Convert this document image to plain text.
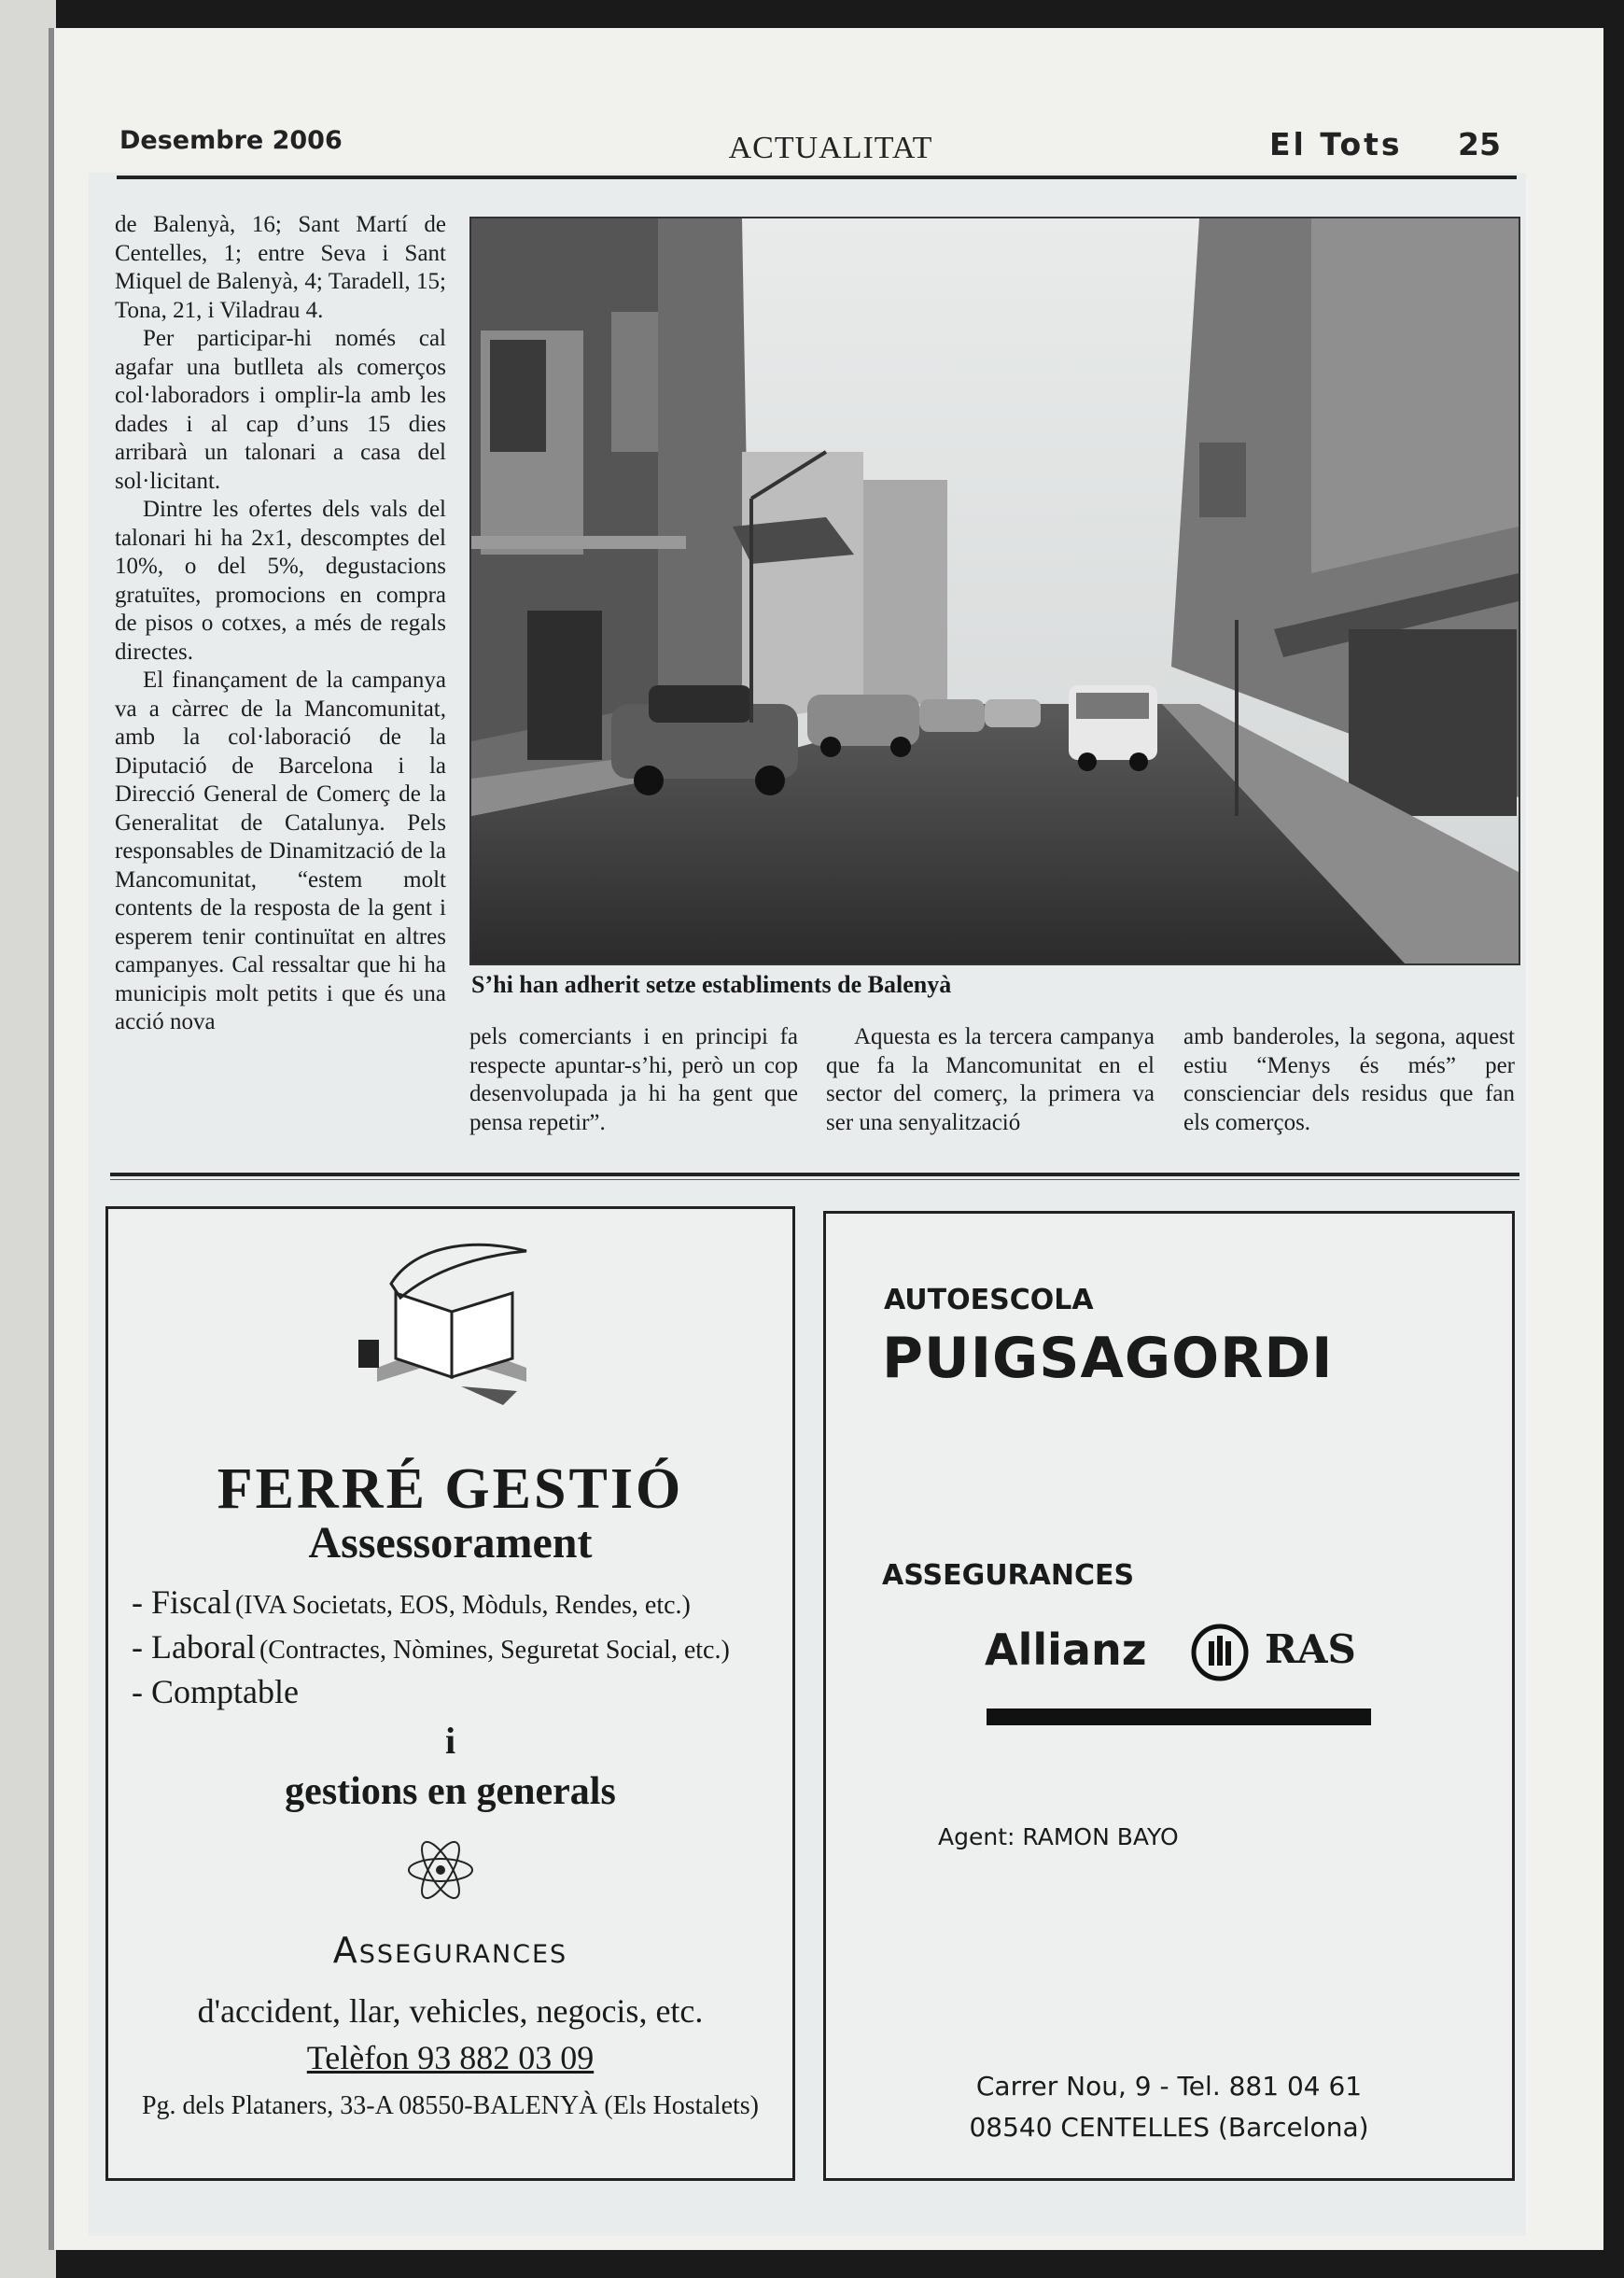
Desembre 2006	ACTUALITAT	El Tots 25

de Balenyà, 16; Sant Martí de Centelles, 1; entre Seva i Sant Miquel de Balenyà, 4; Taradell, 15; Tona, 21, i Viladrau 4.

Per participar-hi només cal agafar una butlleta als comerços col·laboradors i omplir-la amb les dades i al cap d’uns 15 dies arribarà un talonari a casa del sol·licitant.

Dintre les ofertes dels vals del talonari hi ha 2x1, descomptes del 10%, o del 5%, degustacions gratuïtes, promocions en compra de pisos o cotxes, a més de regals directes.

El finançament de la campanya va a càrrec de la Mancomunitat, amb la col·laboració de la Diputació de Barcelona i la Direcció General de Comerç de la Generalitat de Catalunya. Pels responsables de Dinamització de la Mancomunitat, “estem molt contents de la resposta de la gent i esperem tenir continuïtat en altres campanyes. Cal ressaltar que hi ha municipis molt petits i que és una acció nova

S’hi han adherit setze establiments de Balenyà

pels comerciants i en principi fa respecte apuntar-s’hi, però un cop desenvolupada ja hi ha gent que pensa repetir”.

Aquesta es la tercera campanya que fa la Mancomunitat en el sector del comerç, la primera va ser una senyalització

amb banderoles, la segona, aquest estiu “Menys és més” per conscienciar dels residus que fan els comerços.

FERRÉ GESTIÓ
Assessorament
- Fiscal (IVA Societats, EOS, Mòduls, Rendes, etc.)
- Laboral (Contractes, Nòmines, Seguretat Social, etc.)
- Comptable
i
gestions en generals
Assegurances
d'accident, llar, vehicles, negocis, etc.
Telèfon 93 882 03 09
Pg. dels Plataners, 33-A 08550-BALENYÀ (Els Hostalets)
AUTOESCOLA
PUIGSAGORDI
ASSEGURANCES
Allianz	RAS
Agent: RAMON BAYO
Carrer Nou, 9 - Tel. 881 04 61
08540 CENTELLES (Barcelona)
